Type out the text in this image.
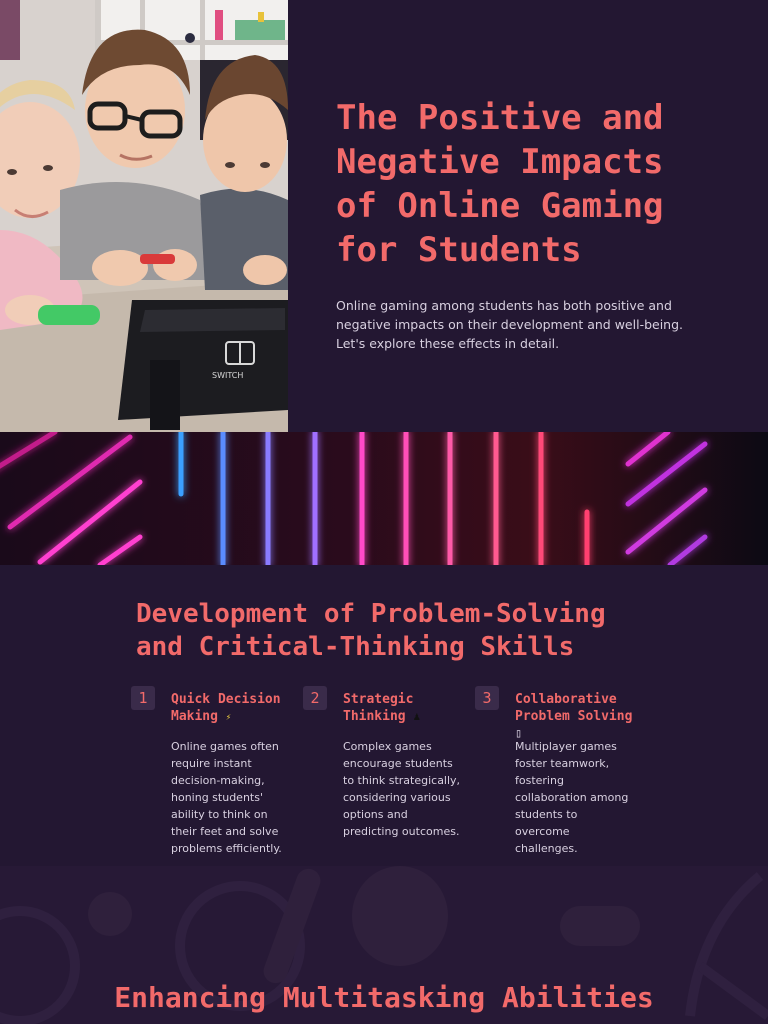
SWITCH
The Positive and Negative Impacts of Online Gaming for Students

Online gaming among students has both positive and negative impacts on their development and well-being. Let's explore these effects in detail.

Development of Problem-Solving and Critical-Thinking Skills
1	Quick Decision Making ⚡
Online games often require instant decision-making, honing students' ability to think on their feet and solve problems efficiently.
2	Strategic Thinking ♟
Complex games encourage students to think strategically, considering various options and predicting outcomes.
3	Collaborative Problem Solving ▯
Multiplayer games foster teamwork, fostering collaboration among students to overcome challenges.
Enhancing Multitasking Abilities
